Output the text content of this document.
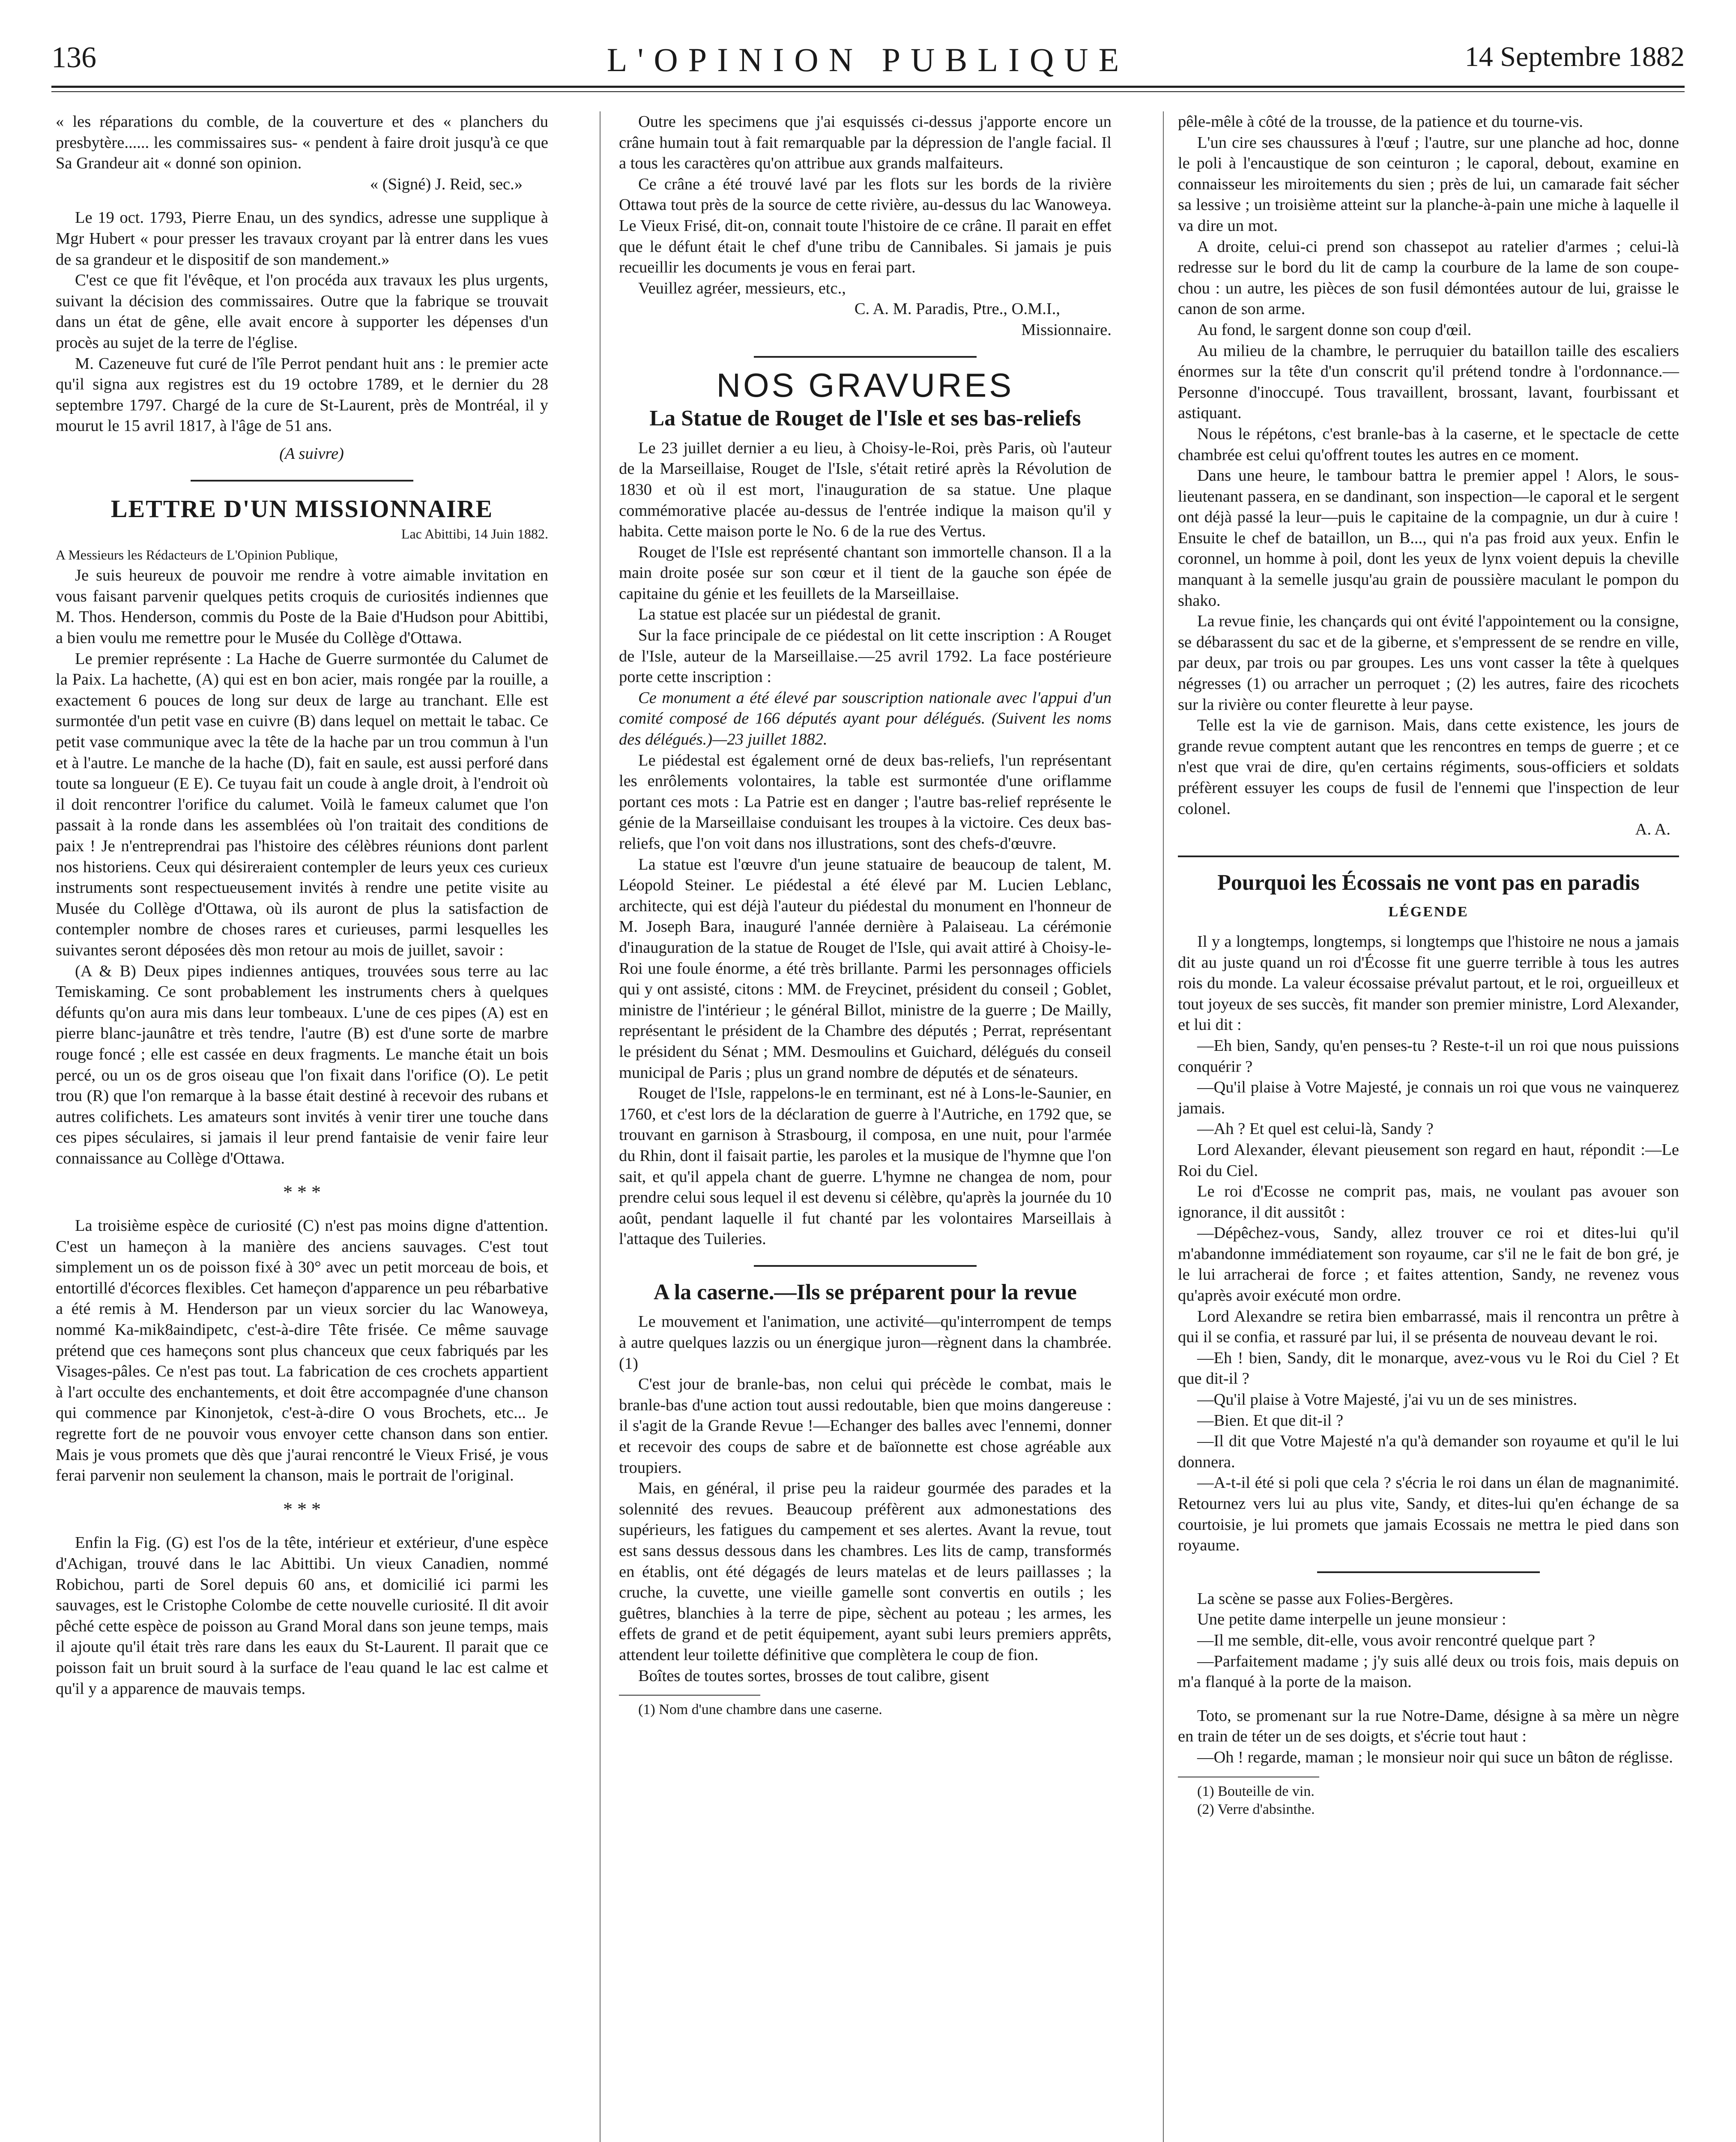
136	L'OPINION PUBLIQUE	14 Septembre 1882

« les réparations du comble, de la couverture et des « planchers du presbytère...... les commissaires sus- « pendent à faire droit jusqu'à ce que Sa Grandeur ait « donné son opinion.

« (Signé) J. Reid, sec.»

Le 19 oct. 1793, Pierre Enau, un des syndics, adresse une supplique à Mgr Hubert « pour presser les travaux croyant par là entrer dans les vues de sa grandeur et le dispositif de son mandement.»

C'est ce que fit l'évêque, et l'on procéda aux travaux les plus urgents, suivant la décision des commissaires. Outre que la fabrique se trouvait dans un état de gêne, elle avait encore à supporter les dépenses d'un procès au sujet de la terre de l'église.

M. Cazeneuve fut curé de l'île Perrot pendant huit ans : le premier acte qu'il signa aux registres est du 19 octobre 1789, et le dernier du 28 septembre 1797. Chargé de la cure de St-Laurent, près de Montréal, il y mourut le 15 avril 1817, à l'âge de 51 ans.

(A suivre)

LETTRE D'UN MISSIONNAIRE

Lac Abittibi, 14 Juin 1882.

A Messieurs les Rédacteurs de L'Opinion Publique,

Je suis heureux de pouvoir me rendre à votre aimable invitation en vous faisant parvenir quelques petits croquis de curiosités indiennes que M. Thos. Henderson, commis du Poste de la Baie d'Hudson pour Abittibi, a bien voulu me remettre pour le Musée du Collège d'Ottawa.

Le premier représente : La Hache de Guerre surmontée du Calumet de la Paix. La hachette, (A) qui est en bon acier, mais rongée par la rouille, a exactement 6 pouces de long sur deux de large au tranchant. Elle est surmontée d'un petit vase en cuivre (B) dans lequel on mettait le tabac. Ce petit vase communique avec la tête de la hache par un trou commun à l'un et à l'autre. Le manche de la hache (D), fait en saule, est aussi perforé dans toute sa longueur (E E). Ce tuyau fait un coude à angle droit, à l'endroit où il doit rencontrer l'orifice du calumet. Voilà le fameux calumet que l'on passait à la ronde dans les assemblées où l'on traitait des conditions de paix ! Je n'entreprendrai pas l'histoire des célèbres réunions dont parlent nos historiens. Ceux qui désireraient contempler de leurs yeux ces curieux instruments sont respectueusement invités à rendre une petite visite au Musée du Collège d'Ottawa, où ils auront de plus la satisfaction de contempler nombre de choses rares et curieuses, parmi lesquelles les suivantes seront déposées dès mon retour au mois de juillet, savoir :

(A & B) Deux pipes indiennes antiques, trouvées sous terre au lac Temiskaming. Ce sont probablement les instruments chers à quelques défunts qu'on aura mis dans leur tombeaux. L'une de ces pipes (A) est en pierre blanc-jaunâtre et très tendre, l'autre (B) est d'une sorte de marbre rouge foncé ; elle est cassée en deux fragments. Le manche était un bois percé, ou un os de gros oiseau que l'on fixait dans l'orifice (O). Le petit trou (R) que l'on remarque à la basse était destiné à recevoir des rubans et autres colifichets. Les amateurs sont invités à venir tirer une touche dans ces pipes séculaires, si jamais il leur prend fantaisie de venir faire leur connaissance au Collège d'Ottawa.

* * *

La troisième espèce de curiosité (C) n'est pas moins digne d'attention. C'est un hameçon à la manière des anciens sauvages. C'est tout simplement un os de poisson fixé à 30° avec un petit morceau de bois, et entortillé d'écorces flexibles. Cet hameçon d'apparence un peu rébarbative a été remis à M. Henderson par un vieux sorcier du lac Wanoweya, nommé Ka-mik8aindipetc, c'est-à-dire Tête frisée. Ce même sauvage prétend que ces hameçons sont plus chanceux que ceux fabriqués par les Visages-pâles. Ce n'est pas tout. La fabrication de ces crochets appartient à l'art occulte des enchantements, et doit être accompagnée d'une chanson qui commence par Kinonjetok, c'est-à-dire O vous Brochets, etc... Je regrette fort de ne pouvoir vous envoyer cette chanson dans son entier. Mais je vous promets que dès que j'aurai rencontré le Vieux Frisé, je vous ferai parvenir non seulement la chanson, mais le portrait de l'original.

* * *

Enfin la Fig. (G) est l'os de la tête, intérieur et extérieur, d'une espèce d'Achigan, trouvé dans le lac Abittibi. Un vieux Canadien, nommé Robichou, parti de Sorel depuis 60 ans, et domicilié ici parmi les sauvages, est le Cristophe Colombe de cette nouvelle curiosité. Il dit avoir pêché cette espèce de poisson au Grand Moral dans son jeune temps, mais il ajoute qu'il était très rare dans les eaux du St-Laurent. Il parait que ce poisson fait un bruit sourd à la surface de l'eau quand le lac est calme et qu'il y a apparence de mauvais temps.

Outre les specimens que j'ai esquissés ci-dessus j'apporte encore un crâne humain tout à fait remarquable par la dépression de l'angle facial. Il a tous les caractères qu'on attribue aux grands malfaiteurs.

Ce crâne a été trouvé lavé par les flots sur les bords de la rivière Ottawa tout près de la source de cette rivière, au-dessus du lac Wanoweya. Le Vieux Frisé, dit-on, connait toute l'histoire de ce crâne. Il parait en effet que le défunt était le chef d'une tribu de Cannibales. Si jamais je puis recueillir les documents je vous en ferai part.

Veuillez agréer, messieurs, etc.,

C. A. M. Paradis, Ptre., O.M.I.,

Missionnaire.

NOS GRAVURES
La Statue de Rouget de l'Isle et ses bas-reliefs

Le 23 juillet dernier a eu lieu, à Choisy-le-Roi, près Paris, où l'auteur de la Marseillaise, Rouget de l'Isle, s'était retiré après la Révolution de 1830 et où il est mort, l'inauguration de sa statue. Une plaque commémorative placée au-dessus de l'entrée indique la maison qu'il y habita. Cette maison porte le No. 6 de la rue des Vertus.

Rouget de l'Isle est représenté chantant son immortelle chanson. Il a la main droite posée sur son cœur et il tient de la gauche son épée de capitaine du génie et les feuillets de la Marseillaise.

La statue est placée sur un piédestal de granit.

Sur la face principale de ce piédestal on lit cette inscription : A Rouget de l'Isle, auteur de la Marseillaise.—25 avril 1792. La face postérieure porte cette inscription :

Ce monument a été élevé par souscription nationale avec l'appui d'un comité composé de 166 députés ayant pour délégués. (Suivent les noms des délégués.)—23 juillet 1882.

Le piédestal est également orné de deux bas-reliefs, l'un représentant les enrôlements volontaires, la table est surmontée d'une oriflamme portant ces mots : La Patrie est en danger ; l'autre bas-relief représente le génie de la Marseillaise conduisant les troupes à la victoire. Ces deux bas-reliefs, que l'on voit dans nos illustrations, sont des chefs-d'œuvre.

La statue est l'œuvre d'un jeune statuaire de beaucoup de talent, M. Léopold Steiner. Le piédestal a été élevé par M. Lucien Leblanc, architecte, qui est déjà l'auteur du piédestal du monument en l'honneur de M. Joseph Bara, inauguré l'année dernière à Palaiseau. La cérémonie d'inauguration de la statue de Rouget de l'Isle, qui avait attiré à Choisy-le-Roi une foule énorme, a été très brillante. Parmi les personnages officiels qui y ont assisté, citons : MM. de Freycinet, président du conseil ; Goblet, ministre de l'intérieur ; le général Billot, ministre de la guerre ; De Mailly, représentant le président de la Chambre des députés ; Perrat, représentant le président du Sénat ; MM. Desmoulins et Guichard, délégués du conseil municipal de Paris ; plus un grand nombre de députés et de sénateurs.

Rouget de l'Isle, rappelons-le en terminant, est né à Lons-le-Saunier, en 1760, et c'est lors de la déclaration de guerre à l'Autriche, en 1792 que, se trouvant en garnison à Strasbourg, il composa, en une nuit, pour l'armée du Rhin, dont il faisait partie, les paroles et la musique de l'hymne que l'on sait, et qu'il appela chant de guerre. L'hymne ne changea de nom, pour prendre celui sous lequel il est devenu si célèbre, qu'après la journée du 10 août, pendant laquelle il fut chanté par les volontaires Marseillais à l'attaque des Tuileries.

A la caserne.—Ils se préparent pour la revue

Le mouvement et l'animation, une activité—qu'interrompent de temps à autre quelques lazzis ou un énergique juron—règnent dans la chambrée. (1)

C'est jour de branle-bas, non celui qui précède le combat, mais le branle-bas d'une action tout aussi redoutable, bien que moins dangereuse : il s'agit de la Grande Revue !—Echanger des balles avec l'ennemi, donner et recevoir des coups de sabre et de baïonnette est chose agréable aux troupiers.

Mais, en général, il prise peu la raideur gourmée des parades et la solennité des revues. Beaucoup préfèrent aux admonestations des supérieurs, les fatigues du campement et ses alertes. Avant la revue, tout est sans dessus dessous dans les chambres. Les lits de camp, transformés en établis, ont été dégagés de leurs matelas et de leurs paillasses ; la cruche, la cuvette, une vieille gamelle sont convertis en outils ; les guêtres, blanchies à la terre de pipe, sèchent au poteau ; les armes, les effets de grand et de petit équipement, ayant subi leurs premiers apprêts, attendent leur toilette définitive que complètera le coup de fion.

Boîtes de toutes sortes, brosses de tout calibre, gisent

(1) Nom d'une chambre dans une caserne.

pêle-mêle à côté de la trousse, de la patience et du tourne-vis.

L'un cire ses chaussures à l'œuf ; l'autre, sur une planche ad hoc, donne le poli à l'encaustique de son ceinturon ; le caporal, debout, examine en connaisseur les miroitements du sien ; près de lui, un camarade fait sécher sa lessive ; un troisième atteint sur la planche-à-pain une miche à laquelle il va dire un mot.

A droite, celui-ci prend son chassepot au ratelier d'armes ; celui-là redresse sur le bord du lit de camp la courbure de la lame de son coupe-chou : un autre, les pièces de son fusil démontées autour de lui, graisse le canon de son arme.

Au fond, le sargent donne son coup d'œil.

Au milieu de la chambre, le perruquier du bataillon taille des escaliers énormes sur la tête d'un conscrit qu'il prétend tondre à l'ordonnance.—Personne d'inoccupé. Tous travaillent, brossant, lavant, fourbissant et astiquant.

Nous le répétons, c'est branle-bas à la caserne, et le spectacle de cette chambrée est celui qu'offrent toutes les autres en ce moment.

Dans une heure, le tambour battra le premier appel ! Alors, le sous-lieutenant passera, en se dandinant, son inspection—le caporal et le sergent ont déjà passé la leur—puis le capitaine de la compagnie, un dur à cuire ! Ensuite le chef de bataillon, un B..., qui n'a pas froid aux yeux. Enfin le coronnel, un homme à poil, dont les yeux de lynx voient depuis la cheville manquant à la semelle jusqu'au grain de poussière maculant le pompon du shako.

La revue finie, les chançards qui ont évité l'appointement ou la consigne, se débarassent du sac et de la giberne, et s'empressent de se rendre en ville, par deux, par trois ou par groupes. Les uns vont casser la tête à quelques négresses (1) ou arracher un perroquet ; (2) les autres, faire des ricochets sur la rivière ou conter fleurette à leur payse.

Telle est la vie de garnison. Mais, dans cette existence, les jours de grande revue comptent autant que les rencontres en temps de guerre ; et ce n'est que vrai de dire, qu'en certains régiments, sous-officiers et soldats préfèrent essuyer les coups de fusil de l'ennemi que l'inspection de leur colonel.

A. A.

Pourquoi les Écossais ne vont pas en paradis
LÉGENDE

Il y a longtemps, longtemps, si longtemps que l'histoire ne nous a jamais dit au juste quand un roi d'Écosse fit une guerre terrible à tous les autres rois du monde. La valeur écossaise prévalut partout, et le roi, orgueilleux et tout joyeux de ses succès, fit mander son premier ministre, Lord Alexander, et lui dit :

—Eh bien, Sandy, qu'en penses-tu ? Reste-t-il un roi que nous puissions conquérir ?

—Qu'il plaise à Votre Majesté, je connais un roi que vous ne vainquerez jamais.

—Ah ? Et quel est celui-là, Sandy ?

Lord Alexander, élevant pieusement son regard en haut, répondit :—Le Roi du Ciel.

Le roi d'Ecosse ne comprit pas, mais, ne voulant pas avouer son ignorance, il dit aussitôt :

—Dépêchez-vous, Sandy, allez trouver ce roi et dites-lui qu'il m'abandonne immédiatement son royaume, car s'il ne le fait de bon gré, je le lui arracherai de force ; et faites attention, Sandy, ne revenez vous qu'après avoir exécuté mon ordre.

Lord Alexandre se retira bien embarrassé, mais il rencontra un prêtre à qui il se confia, et rassuré par lui, il se présenta de nouveau devant le roi.

—Eh ! bien, Sandy, dit le monarque, avez-vous vu le Roi du Ciel ? Et que dit-il ?

—Qu'il plaise à Votre Majesté, j'ai vu un de ses ministres.

—Bien. Et que dit-il ?

—Il dit que Votre Majesté n'a qu'à demander son royaume et qu'il le lui donnera.

—A-t-il été si poli que cela ? s'écria le roi dans un élan de magnanimité. Retournez vers lui au plus vite, Sandy, et dites-lui qu'en échange de sa courtoisie, je lui promets que jamais Ecossais ne mettra le pied dans son royaume.

La scène se passe aux Folies-Bergères.

Une petite dame interpelle un jeune monsieur :

—Il me semble, dit-elle, vous avoir rencontré quelque part ?

—Parfaitement madame ; j'y suis allé deux ou trois fois, mais depuis on m'a flanqué à la porte de la maison.

Toto, se promenant sur la rue Notre-Dame, désigne à sa mère un nègre en train de téter un de ses doigts, et s'écrie tout haut :

—Oh ! regarde, maman ; le monsieur noir qui suce un bâton de réglisse.

(1) Bouteille de vin.

(2) Verre d'absinthe.
